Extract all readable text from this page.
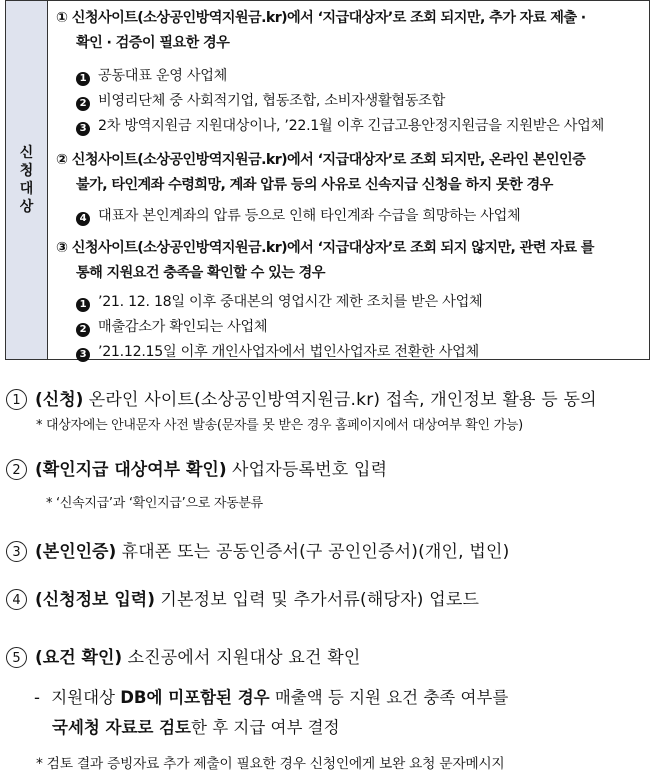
신청대상
① 신청사이트(소상공인방역지원금.kr)에서 ‘지급대상자’로 조회 되지만, 추가 자료 제출 ·
확인 · 검증이 필요한 경우
1 공동대표 운영 사업체
2 비영리단체 중 사회적기업, 협동조합, 소비자생활협동조합
3 2차 방역지원금 지원대상이나, ’22.1월 이후 긴급고용안정지원금을 지원받은 사업체
② 신청사이트(소상공인방역지원금.kr)에서 ‘지급대상자’로 조회 되지만, 온라인 본인인증
불가, 타인계좌 수령희망, 계좌 압류 등의 사유로 신속지급 신청을 하지 못한 경우
4 대표자 본인계좌의 압류 등으로 인해 타인계좌 수급을 희망하는 사업체
③ 신청사이트(소상공인방역지원금.kr)에서 ‘지급대상자’로 조회 되지 않지만, 관련 자료 를
통해 지원요건 충족을 확인할 수 있는 경우
1 ’21. 12. 18일 이후 중대본의 영업시간 제한 조치를 받은 사업체
2 매출감소가 확인되는 사업체
3 ’21.12.15일 이후 개인사업자에서 법인사업자로 전환한 사업체
1 (신청) 온라인 사이트(소상공인방역지원금.kr) 접속, 개인정보 활용 등 동의
* 대상자에는 안내문자 사전 발송(문자를 못 받은 경우 홈페이지에서 대상여부 확인 가능)
2 (확인지급 대상여부 확인) 사업자등록번호 입력
* ‘신속지급’과 ‘확인지급’으로 자동분류
3 (본인인증) 휴대폰 또는 공동인증서(구 공인인증서)(개인, 법인)
4 (신청정보 입력) 기본정보 입력 및 추가서류(해당자) 업로드
5 (요건 확인) 소진공에서 지원대상 요건 확인
- 지원대상 DB에 미포함된 경우 매출액 등 지원 요건 충족 여부를
국세청 자료로 검토한 후 지급 여부 결정
* 검토 결과 증빙자료 추가 제출이 필요한 경우 신청인에게 보완 요청 문자메시지
